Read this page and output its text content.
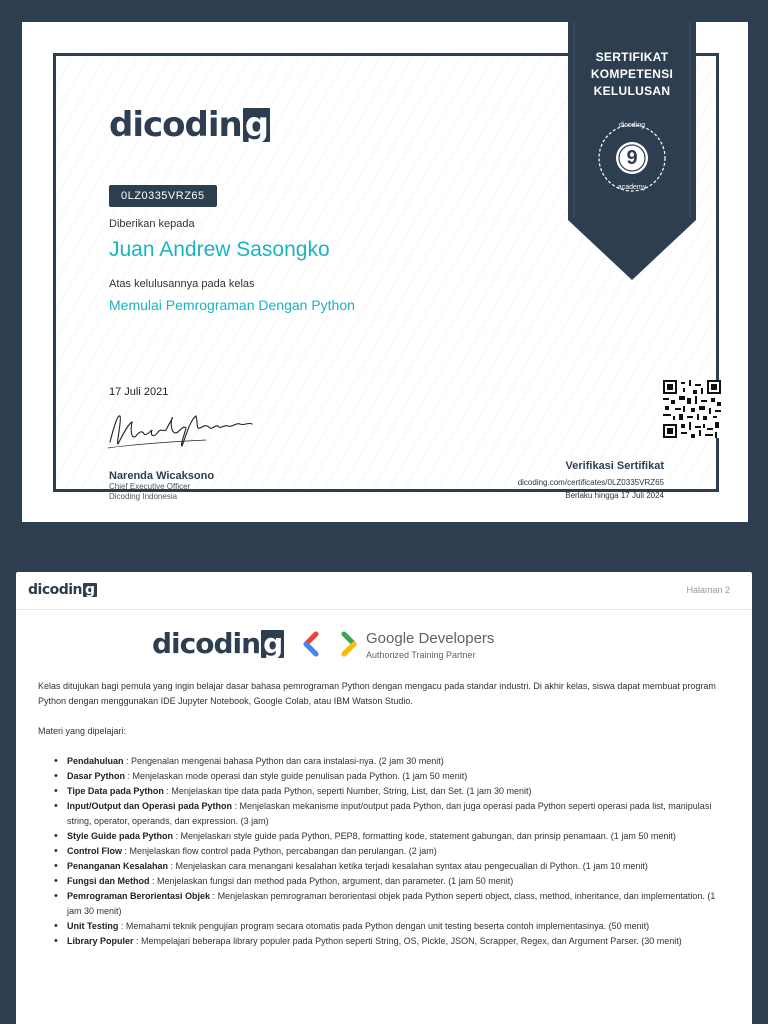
dicoding
0LZ0335VRZ65
Diberikan kepada
Juan Andrew Sasongko
Atas kelulusannya pada kelas
Memulai Pemrograman Dengan Python
17 Juli 2021
Narenda Wicaksono
Chief Executive Officer
Dicoding Indonesia
Verifikasi Sertifikat
dicoding.com/certificates/0LZ0335VRZ65
Berlaku hingga 17 Juli 2024
SERTIFIKAT
KOMPETENSI
KELULUSAN
9
dicoding
academy
dicodin g	Halaman 2
dicodin g	Google Developers
Authorized Training Partner

Kelas ditujukan bagi pemula yang ingin belajar dasar bahasa pemrograman Python dengan mengacu pada standar industri. Di akhir kelas, siswa dapat membuat program Python dengan menggunakan IDE Jupyter Notebook, Google Colab, atau IBM Watson Studio.

Materi yang dipelajari:

• Pendahuluan : Pengenalan mengenai bahasa Python dan cara instalasi-nya. (2 jam 30 menit)
• Dasar Python : Menjelaskan mode operasi dan style guide penulisan pada Python. (1 jam 50 menit)
• Tipe Data pada Python : Menjelaskan tipe data pada Python, seperti Number, String, List, dan Set. (1 jam 30 menit)
• Input/Output dan Operasi pada Python : Menjelaskan mekanisme input/output pada Python, dan juga operasi pada Python seperti operasi pada list, manipulasi string, operator, operands, dan expression. (3 jam)
• Style Guide pada Python : Menjelaskan style guide pada Python, PEP8, formatting kode, statement gabungan, dan prinsip penamaan. (1 jam 50 menit)
• Control Flow : Menjelaskan flow control pada Python, percabangan dan perulangan. (2 jam)
• Penanganan Kesalahan : Menjelaskan cara menangani kesalahan ketika terjadi kesalahan syntax atau pengecualian di Python. (1 jam 10 menit)
• Fungsi dan Method : Menjelaskan fungsi dan method pada Python, argument, dan parameter. (1 jam 50 menit)
• Pemrograman Berorientasi Objek : Menjelaskan pemrograman berorientasi objek pada Python seperti object, class, method, inheritance, dan implementation. (1 jam 30 menit)
• Unit Testing : Memahami teknik pengujian program secara otomatis pada Python dengan unit testing beserta contoh implementasinya. (50 menit)
• Library Populer : Mempelajari beberapa library populer pada Python seperti String, OS, Pickle, JSON, Scrapper, Regex, dan Argument Parser. (30 menit)
